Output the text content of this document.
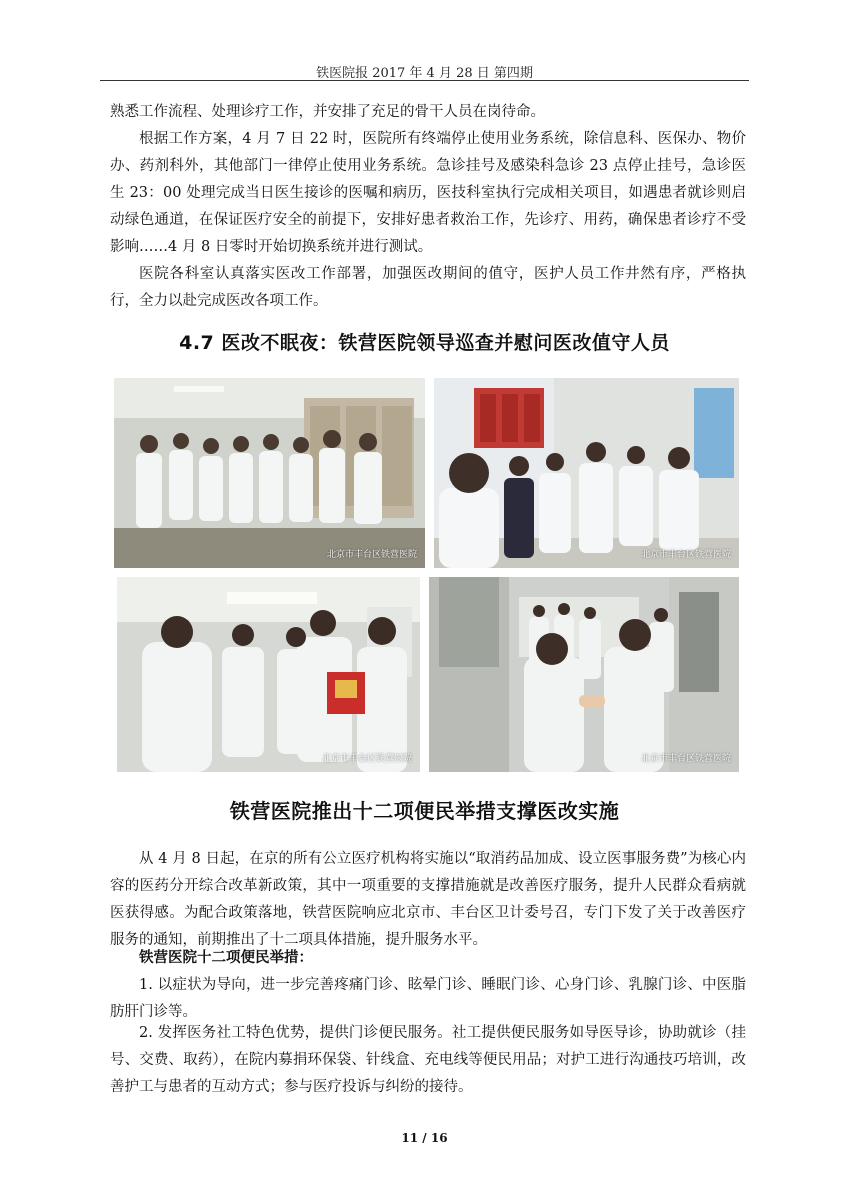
铁医院报 2017 年 4 月 28 日 第四期
熟悉工作流程、处理诊疗工作，并安排了充足的骨干人员在岗待命。
根据工作方案，4 月 7 日 22 时，医院所有终端停止使用业务系统，除信息科、医保办、物价办、药剂科外，其他部门一律停止使用业务系统。急诊挂号及感染科急诊 23 点停止挂号，急诊医生 23：00 处理完成当日医生接诊的医嘱和病历，医技科室执行完成相关项目，如遇患者就诊则启动绿色通道，在保证医疗安全的前提下，安排好患者救治工作，先诊疗、用药，确保患者诊疗不受影响……4 月 8 日零时开始切换系统并进行测试。
医院各科室认真落实医改工作部署，加强医改期间的值守，医护人员工作井然有序，严格执行，全力以赴完成医改各项工作。
4.7 医改不眠夜：铁营医院领导巡查并慰问医改值守人员
北京市丰台区铁营医院	北京市丰台区铁营医院
北京市丰台区铁营医院	北京市丰台区铁营医院
铁营医院推出十二项便民举措支撑医改实施
从 4 月 8 日起，在京的所有公立医疗机构将实施以“取消药品加成、设立医事服务费”为核心内容的医药分开综合改革新政策，其中一项重要的支撑措施就是改善医疗服务，提升人民群众看病就医获得感。为配合政策落地，铁营医院响应北京市、丰台区卫计委号召，专门下发了关于改善医疗服务的通知，前期推出了十二项具体措施，提升服务水平。
铁营医院十二项便民举措：
1. 以症状为导向，进一步完善疼痛门诊、眩晕门诊、睡眠门诊、心身门诊、乳腺门诊、中医脂肪肝门诊等。
2. 发挥医务社工特色优势，提供门诊便民服务。社工提供便民服务如导医导诊，协助就诊（挂号、交费、取药），在院内募捐环保袋、针线盒、充电线等便民用品；对护工进行沟通技巧培训，改善护工与患者的互动方式；参与医疗投诉与纠纷的接待。
11 / 16
